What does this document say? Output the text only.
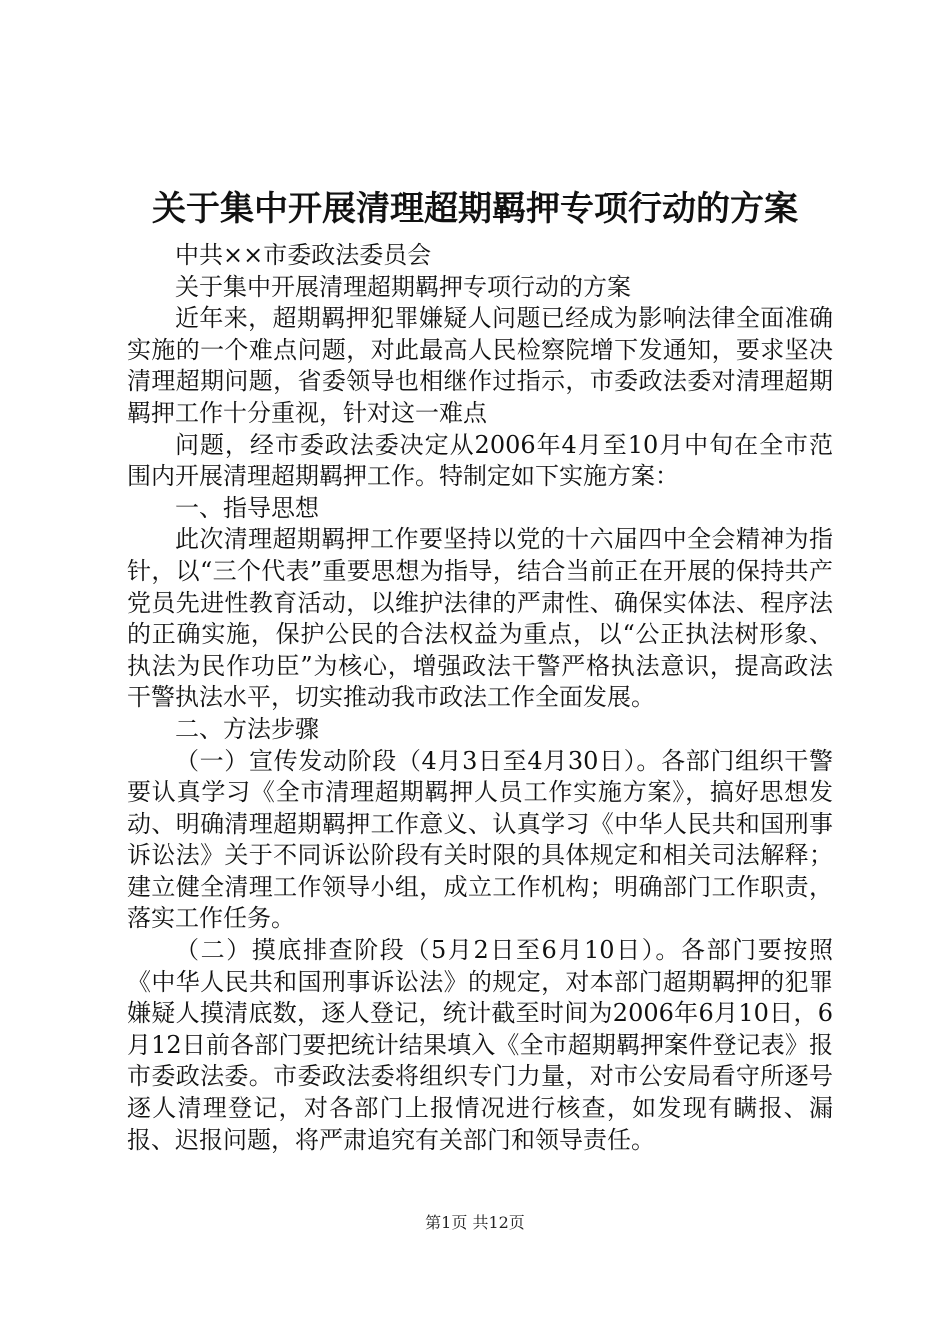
关于集中开展清理超期羁押专项行动的方案

中共××市委政法委员会

关于集中开展清理超期羁押专项行动的方案

近年来，超期羁押犯罪嫌疑人问题已经成为影响法律全面准确实施的一个难点问题，对此最高人民检察院增下发通知，要求坚决清理超期问题，省委领导也相继作过指示，市委政法委对清理超期羁押工作十分重视，针对这一难点

问题，经市委政法委决定从2006年4月至10月中旬在全市范围内开展清理超期羁押工作。特制定如下实施方案：

一、指导思想

此次清理超期羁押工作要坚持以党的十六届四中全会精神为指针，以“三个代表”重要思想为指导，结合当前正在开展的保持共产党员先进性教育活动，以维护法律的严肃性、确保实体法、程序法的正确实施，保护公民的合法权益为重点，以“公正执法树形象、执法为民作功臣”为核心，增强政法干警严格执法意识，提高政法干警执法水平，切实推动我市政法工作全面发展。

二、方法步骤

（一）宣传发动阶段（4月3日至4月30日）。各部门组织干警要认真学习《全市清理超期羁押人员工作实施方案》，搞好思想发动、明确清理超期羁押工作意义、认真学习《中华人民共和国刑事诉讼法》关于不同诉讼阶段有关时限的具体规定和相关司法解释；建立健全清理工作领导小组，成立工作机构；明确部门工作职责，落实工作任务。

（二）摸底排查阶段（5月2日至6月10日）。各部门要按照《中华人民共和国刑事诉讼法》的规定，对本部门超期羁押的犯罪嫌疑人摸清底数，逐人登记，统计截至时间为2006年6月10日，6月12日前各部门要把统计结果填入《全市超期羁押案件登记表》报市委政法委。市委政法委将组织专门力量，对市公安局看守所逐号逐人清理登记，对各部门上报情况进行核查，如发现有瞒报、漏报、迟报问题，将严肃追究有关部门和领导责任。

第1页 共12页
